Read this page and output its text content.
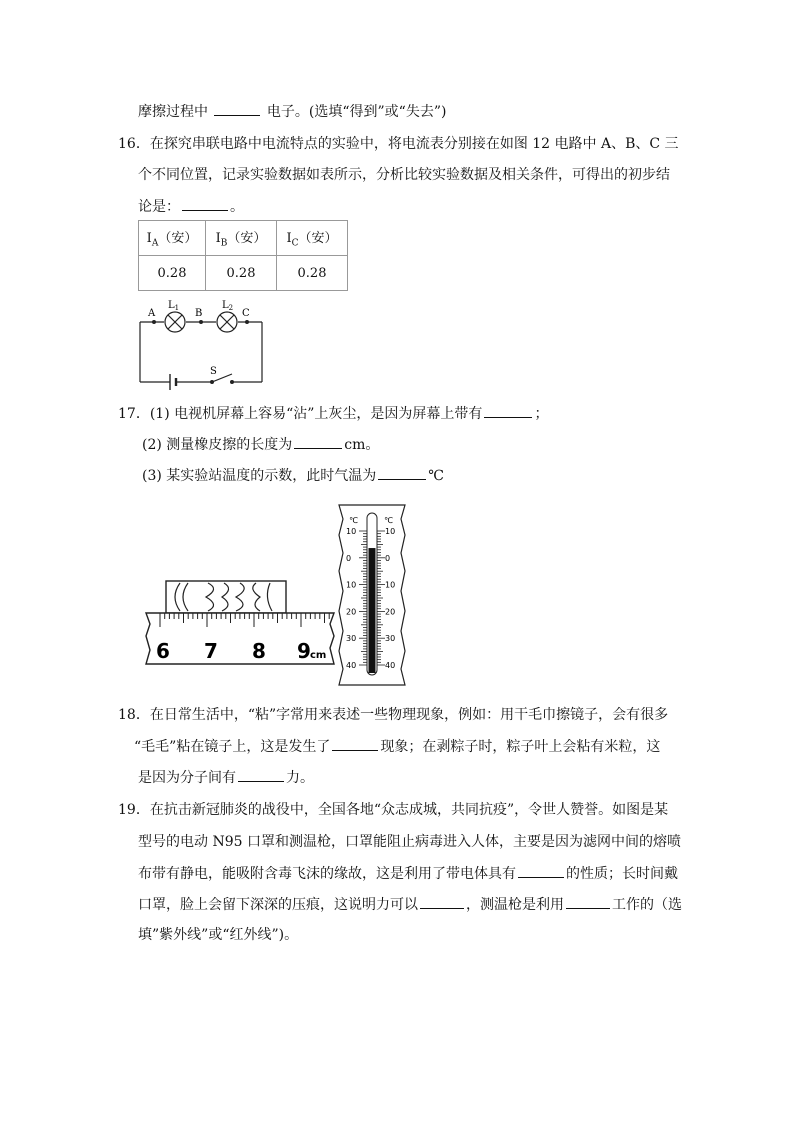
摩擦过程中	电子。(选填“得到”或“失去”)
16．在探究串联电路中电流特点的实验中，将电流表分别接在如图 12 电路中 A、B、C 三
个不同位置，记录实验数据如表所示，分析比较实验数据及相关条件，可得出的初步结
论是：	。
$I_A$（安）	$I_B$（安）	$I_C$（安）
0.28	0.28	0.28
A
$L_1$ B
$L_2$ C
S
17．(1) 电视机屏幕上容易“沾”上灰尘，是因为屏幕上带有	；
(2) 测量橡皮擦的长度为	cm。
(3) 某实验站温度的示数，此时气温为	℃
6 7 8 9 cm
℃	℃
10	10
0	0
10	10
20	20
30	30
40	40
18．在日常生活中，“粘”字常用来表述一些物理现象，例如：用干毛巾擦镜子，会有很多
“毛毛”粘在镜子上，这是发生了	现象；在剥粽子时，粽子叶上会粘有米粒，这
是因为分子间有	力。
19．在抗击新冠肺炎的战役中，全国各地“众志成城，共同抗疫”，令世人赞誉。如图是某
型号的电动 N95 口罩和测温枪，口罩能阻止病毒进入人体，主要是因为滤网中间的熔喷
布带有静电，能吸附含毒飞沫的缘故，这是利用了带电体具有	的性质；长时间戴
口罩，脸上会留下深深的压痕，这说明力可以	，测温枪是利用	工作的（选
填”紫外线”或“红外线”)。
